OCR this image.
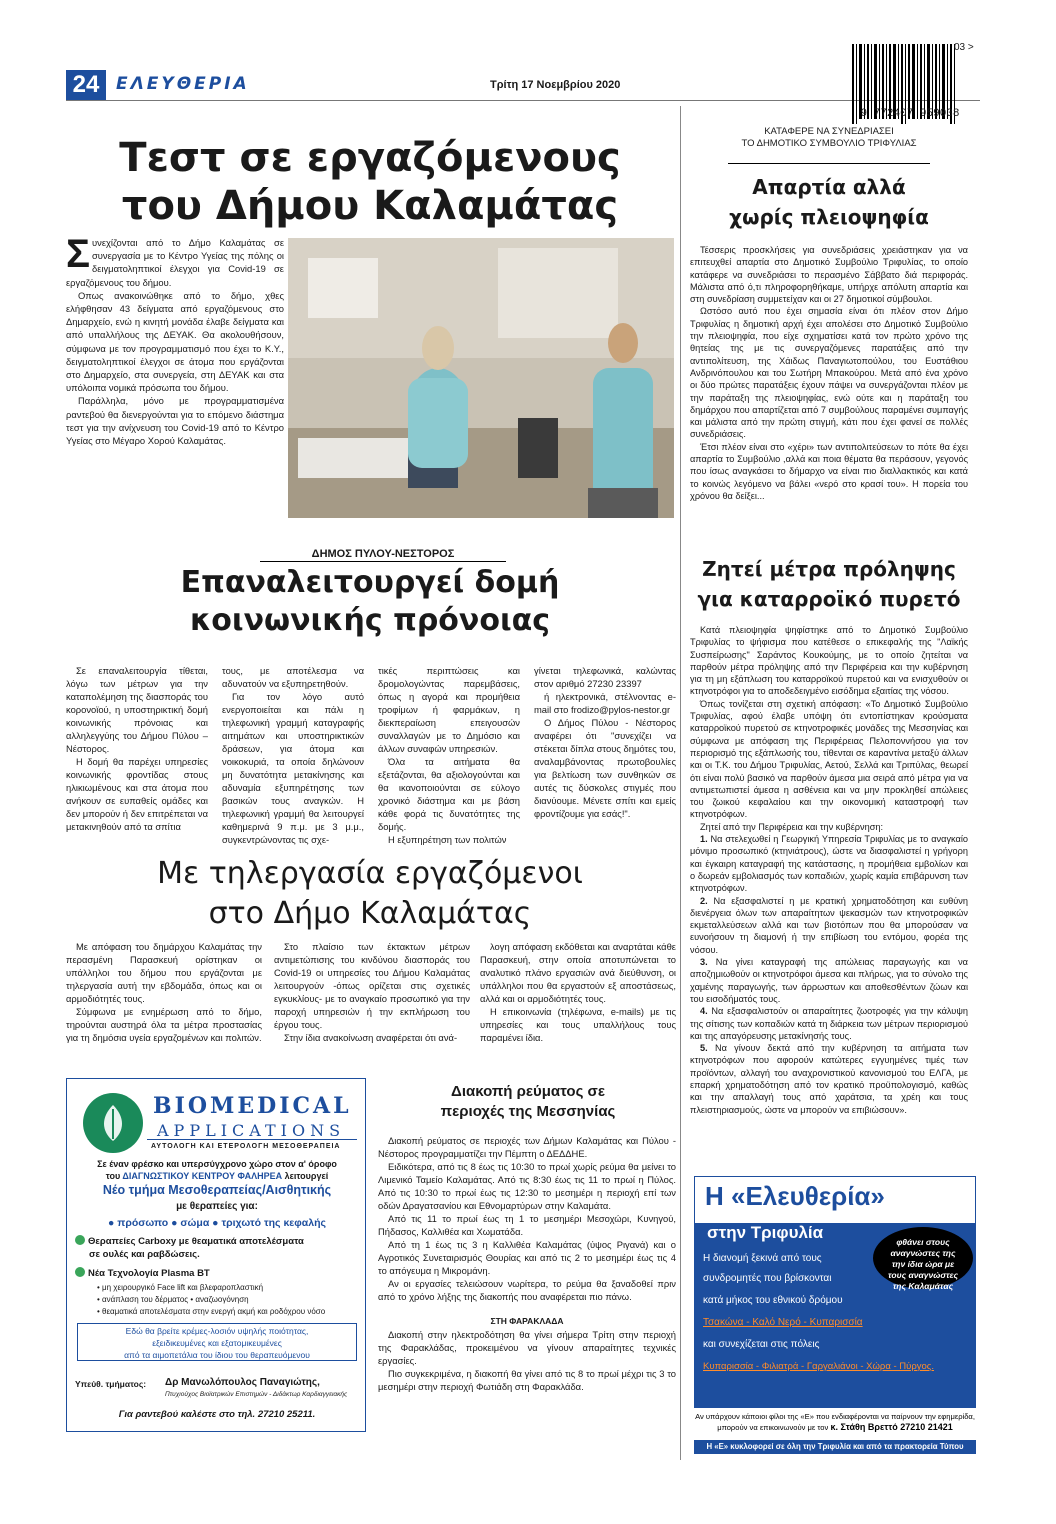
24 ΕΛΕΥΘΕΡΙΑ	Τρίτη 17 Νοεμβρίου 2020
03 >
9 772407 959038
Τεστ σε εργαζόμενους
του Δήμου Καλαμάτας

Συνεχίζονται από το Δήμο Καλαμάτας σε συνεργασία με το Κέντρο Υγείας της πόλης οι δειγματοληπτικοί έλεγχοι για Covid-19 σε εργαζόμενους του δήμου.

Οπως ανακοινώθηκε από το δήμο, χθες ελήφθησαν 43 δείγματα από εργαζόμενους στο Δημαρχείο, ενώ η κινητή μονάδα έλαβε δείγματα και από υπαλλήλους της ΔΕΥΑΚ. Θα ακολουθήσουν, σύμφωνα με τον προγραμματισμό που έχει το Κ.Υ., δειγματοληπτικοί έλεγχοι σε άτομα που εργάζονται στο Δημαρχείο, στα συνεργεία, στη ΔΕΥΑΚ και στα υπόλοιπα νομικά πρόσωπα του δήμου.

Παράλληλα, μόνο με προγραμματισμένα ραντεβού θα διενεργούνται για το επόμενο διάστημα τεστ για την ανίχνευση του Covid-19 από το Κέντρο Υγείας στο Μέγαρο Χορού Καλαμάτας.

ΔΗΜΟΣ ΠΥΛΟΥ-ΝΕΣΤΟΡΟΣ
Επαναλειτουργεί δομή
κοινωνικής πρόνοιας

Σε επαναλειτουργία τίθεται, λόγω των μέτρων για την καταπολέμηση της διασποράς του κορονοϊού, η υποστηρικτική δομή κοινωνικής πρόνοιας και αλληλεγγύης του Δήμου Πύλου – Νέστορος.

Η δομή θα παρέχει υπηρεσίες κοινωνικής φροντίδας στους ηλικιωμένους και στα άτομα που ανήκουν σε ευπαθείς ομάδες και δεν μπορούν ή δεν επιτρέπεται να μετακινηθούν από τα σπίτια

τους, με αποτέλεσμα να αδυνατούν να εξυπηρετηθούν.

Για τον λόγο αυτό ενεργοποιείται και πάλι η τηλεφωνική γραμμή καταγραφής αιτημάτων και υποστηρικτικών δράσεων, για άτομα και νοικοκυριά, τα οποία δηλώνουν μη δυνατότητα μετακίνησης και αδυναμία εξυπηρέτησης των βασικών τους αναγκών. Η τηλεφωνική γραμμή θα λειτουργεί καθημερινά 9 π.μ. με 3 μ.μ., συγκεντρώνοντας τις σχε-

τικές περιπτώσεις και δρομολογώντας παρεμβάσεις, όπως η αγορά και προμήθεια τροφίμων ή φαρμάκων, η διεκπεραίωση επειγουσών συναλλαγών με το Δημόσιο και άλλων συναφών υπηρεσιών.

Όλα τα αιτήματα θα εξετάζονται, θα αξιολογούνται και θα ικανοποιούνται σε εύλογο χρονικό διάστημα και με βάση κάθε φορά τις δυνατότητες της δομής.

Η εξυπηρέτηση των πολιτών

γίνεται τηλεφωνικά, καλώντας στον αριθμό 27230 23397

ή ηλεκτρονικά, στέλνοντας e-mail στο frodizo@pylos-nestor.gr

Ο Δήμος Πύλου - Νέστορος αναφέρει ότι "συνεχίζει να στέκεται δίπλα στους δημότες του, αναλαμβάνοντας πρωτοβουλίες για βελτίωση των συνθηκών σε αυτές τις δύσκολες στιγμές που διανύουμε. Μένετε σπίτι και εμείς φροντίζουμε για εσάς!".

Με τηλεργασία εργαζόμενοι
στο Δήμο Καλαμάτας

Με απόφαση του δημάρχου Καλαμάτας την περασμένη Παρασκευή ορίστηκαν οι υπάλληλοι του δήμου που εργάζονται με τηλεργασία αυτή την εβδομάδα, όπως και οι αρμοδιότητές τους.

Σύμφωνα με ενημέρωση από το δήμο, τηρούνται αυστηρά όλα τα μέτρα προστασίας για τη δημόσια υγεία εργαζομένων και πολιτών.

Στο πλαίσιο των έκτακτων μέτρων αντιμετώπισης του κινδύνου διασποράς του Covid-19 οι υπηρεσίες του Δήμου Καλαμάτας λειτουργούν -όπως ορίζεται στις σχετικές εγκυκλίους- με το αναγκαίο προσωπικό για την παροχή υπηρεσιών ή την εκπλήρωση του έργου τους.

Στην ίδια ανακοίνωση αναφέρεται ότι ανά-

λογη απόφαση εκδόθεται και αναρτάται κάθε Παρασκευή, στην οποία αποτυπώνεται το αναλυτικό πλάνο εργασιών ανά διεύθυνση, οι υπάλληλοι που θα εργαστούν εξ αποστάσεως, αλλά και οι αρμοδιότητές τους.

Η επικοινωνία (τηλέφωνα, e-mails) με τις υπηρεσίες και τους υπαλλήλους τους παραμένει ίδια.

BIOMEDICAL
APPLICATIONS
ΑΥΤΟΛΟΓΗ ΚΑΙ ΕΤΕΡΟΛΟΓΗ ΜΕΣΟΘΕΡΑΠΕΙΑ
Σε έναν φρέσκο και υπερσύγχρονο χώρο στον α' όροφο
του ΔΙΑΓΝΩΣΤΙΚΟΥ ΚΕΝΤΡΟΥ ΦΑΛΗΡΕΑ λειτουργεί
Νέο τμήμα Μεσοθεραπείας/Αισθητικής
με θεραπείες για:
● πρόσωπο ● σώμα ● τριχωτό της κεφαλής
Θεραπείες Carboxy με θεαματικά αποτελέσματα
σε ουλές και ραβδώσεις.
Νέα Τεχνολογία Plasma BT
• μη χειρουργικό Face lift και βλεφαροπλαστική
• ανάπλαση του δέρματος • αναζωογόνηση
• θεαματικά αποτελέσματα στην ενεργή ακμή και ροδόχρου νόσο
Εδώ θα βρείτε κρέμες-λοσιόν υψηλής ποιότητας,
εξειδικευμένες και εξατομικευμένες
από τα αιμοπετάλια του ίδιου του θεραπευόμενου
Υπεύθ. τμήματος: Δρ Μανωλόπουλος Παναγιώτης,
Πτυχιούχος Βιοϊατρικών Επιστημών - Διδάκτωρ Καρδιαγγειακής
Για ραντεβού καλέστε στο τηλ. 27210 25211.
Διακοπή ρεύματος σε
περιοχές της Μεσσηνίας

Διακοπή ρεύματος σε περιοχές των Δήμων Καλαμάτας και Πύλου - Νέστορος προγραμματίζει την Πέμπτη ο ΔΕΔΔΗΕ.

Ειδικότερα, από τις 8 έως τις 10:30 το πρωί χωρίς ρεύμα θα μείνει το Λιμενικό Ταμείο Καλαμάτας. Από τις 8:30 έως τις 11 το πρωί η Πύλος. Από τις 10:30 το πρωί έως τις 12:30 το μεσημέρι η περιοχή επί των οδών Δραγατσανίου και Εθνομαρτύρων στην Καλαμάτα.

Από τις 11 το πρωί έως τη 1 το μεσημέρι Μεσοχώρι, Κυνηγού, Πήδασος, Καλλιθέα και Χωματάδα.

Από τη 1 έως τις 3 η Καλλιθέα Καλαμάτας (ύψος Ριγανά) και ο Αγροτικός Συνεταιρισμός Θουρίας και από τις 2 το μεσημέρι έως τις 4 το απόγευμα η Μικρομάνη.

Αν οι εργασίες τελειώσουν νωρίτερα, το ρεύμα θα ξαναδοθεί πριν από το χρόνο λήξης της διακοπής που αναφέρεται πιο πάνω.

ΣΤΗ ΦΑΡΑΚΛΑΔΑ

Διακοπή στην ηλεκτροδότηση θα γίνει σήμερα Τρίτη στην περιοχή της Φαρακλάδας, προκειμένου να γίνουν απαραίτητες τεχνικές εργασίες.

Πιο συγκεκριμένα, η διακοπή θα γίνει από τις 8 το πρωί μέχρι τις 3 το μεσημέρι στην περιοχή Φωτιάδη στη Φαρακλάδα.

ΚΑΤΑΦΕΡΕ ΝΑ ΣΥΝΕΔΡΙΑΣΕΙ
ΤΟ ΔΗΜΟΤΙΚΟ ΣΥΜΒΟΥΛΙΟ ΤΡΙΦΥΛΙΑΣ
Απαρτία αλλά
χωρίς πλειοψηφία

Τέσσερις προσκλήσεις για συνεδριάσεις χρειάστηκαν για να επιτευχθεί απαρτία στο Δημοτικό Συμβούλιο Τριφυλίας, το οποίο κατάφερε να συνεδριάσει το περασμένο Σάββατο διά περιφοράς. Μάλιστα από ό,τι πληροφορηθήκαμε, υπήρχε απόλυτη απαρτία και στη συνεδρίαση συμμετείχαν και οι 27 δημοτικοί σύμβουλοι.

Ωστόσο αυτό που έχει σημασία είναι ότι πλέον στον Δήμο Τριφυλίας η δημοτική αρχή έχει απολέσει στο Δημοτικό Συμβούλιο την πλειοψηφία, που είχε σχηματίσει κατά τον πρώτο χρόνο της θητείας της με τις συνεργαζόμενες παρατάξεις από την αντιπολίτευση, της Χάιδως Παναγιωτοπούλου, του Ευστάθιου Ανδρινόπουλου και του Σωτήρη Μπακούρου. Μετά από ένα χρόνο οι δύο πρώτες παρατάξεις έχουν πάψει να συνεργάζονται πλέον με την παράταξη της πλειοψηφίας, ενώ ούτε και η παράταξη του δημάρχου που απαρτίζεται από 7 συμβούλους παραμένει συμπαγής και μάλιστα από την πρώτη στιγμή, κάτι που έχει φανεί σε πολλές συνεδριάσεις.

Έτσι πλέον είναι στο «χέρι» των αντιπολιτεύσεων το πότε θα έχει απαρτία το Συμβούλιο ,αλλά και ποια θέματα θα περάσουν, γεγονός που ίσως αναγκάσει το δήμαρχο να είναι πιο διαλλακτικός και κατά το κοινώς λεγόμενο να βάλει «νερό στο κρασί του». Η πορεία του χρόνου θα δείξει...

Ζητεί μέτρα πρόληψης
για καταρροϊκό πυρετό

Κατά πλειοψηφία ψηφίστηκε από το Δημοτικό Συμβούλιο Τριφυλίας το ψήφισμα που κατέθεσε ο επικεφαλής της "Λαϊκής Συσπείρωσης" Σαράντος Κουκούμης, με το οποίο ζητείται να παρθούν μέτρα πρόληψης από την Περιφέρεια και την κυβέρνηση για τη μη εξάπλωση του καταρροϊκού πυρετού και να ενισχυθούν οι κτηνοτρόφοι για το αποδεδειγμένο εισόδημα εξαιτίας της νόσου.

Όπως τονίζεται στη σχετική απόφαση: «Το Δημοτικό Συμβούλιο Τριφυλίας, αφού έλαβε υπόψη ότι εντοπίστηκαν κρούσματα καταρροϊκού πυρετού σε κτηνοτροφικές μονάδες της Μεσσηνίας και σύμφωνα με απόφαση της Περιφέρειας Πελοποννήσου για τον περιορισμό της εξάπλωσής του, τίθενται σε καραντίνα μεταξύ άλλων και οι Τ.Κ. του Δήμου Τριφυλίας, Αετού, Σελλά και Τριπύλας, θεωρεί ότι είναι πολύ βασικό να παρθούν άμεσα μια σειρά από μέτρα για να αντιμετωπιστεί άμεσα η ασθένεια και να μην προκληθεί απώλειες του ζωικού κεφαλαίου και την οικονομική καταστροφή των κτηνοτρόφων.

Ζητεί από την Περιφέρεια και την κυβέρνηση:

1. Να στελεχωθεί η Γεωργική Υπηρεσία Τριφυλίας με το αναγκαίο μόνιμο προσωπικό (κτηνιάτρους), ώστε να διασφαλιστεί η γρήγορη και έγκαιρη καταγραφή της κατάστασης, η προμήθεια εμβολίων και ο δωρεάν εμβολιασμός των κοπαδιών, χωρίς καμία επιβάρυνση των κτηνοτρόφων.

2. Να εξασφαλιστεί η με κρατική χρηματοδότηση και ευθύνη διενέργεια όλων των απαραίτητων ψεκασμών των κτηνοτροφικών εκμεταλλεύσεων αλλά και των βιοτόπων που θα μπορούσαν να ευνοήσουν τη διαμονή ή την επιβίωση του εντόμου, φορέα της νόσου.

3. Να γίνει καταγραφή της απώλειας παραγωγής και να αποζημιωθούν οι κτηνοτρόφοι άμεσα και πλήρως, για το σύνολο της χαμένης παραγωγής, των άρρωστων και αποθεσθέντων ζώων και του εισοδήματός τους.

4. Να εξασφαλιστούν οι απαραίτητες ζωοτροφές για την κάλυψη της σίτισης των κοπαδιών κατά τη διάρκεια των μέτρων περιορισμού και της απαγόρευσης μετακίνησής τους.

5. Να γίνουν δεκτά από την κυβέρνηση τα αιτήματα των κτηνοτρόφων που αφορούν κατώτερες εγγυημένες τιμές των προϊόντων, αλλαγή του αναχρονιστικού κανονισμού του ΕΛΓΑ, με επαρκή χρηματοδότηση από τον κρατικό προϋπολογισμό, καθώς και την απαλλαγή τους από χαράτσια, τα χρέη και τους πλειστηριασμούς, ώστε να μπορούν να επιβιώσουν».

Η «Ελευθερία»
στην Τριφυλία	φθάνει στους
αναγνώστες της
την ίδια ώρα με
τους αναγνώστες
της Καλαμάτας
Η διανομή ξεκινά από τους
συνδρομητές που βρίσκονται
κατά μήκος του εθνικού δρόμου
Τσακώνα - Καλό Νερό - Κυπαρισσία
και συνεχίζεται στις πόλεις
Κυπαρισσία - Φιλιατρά - Γαργαλιάνοι - Χώρα - Πύργος.
Αν υπάρχουν κάποιοι φίλοι της «Ε» που ενδιαφέρονται να παίρνουν την εφημερίδα,
μπορούν να επικοινωνούν με τον κ. Στάθη Βρεττό 27210 21421
Η «Ε» κυκλοφορεί σε όλη την Τριφυλία και από τα πρακτορεία Τύπου
